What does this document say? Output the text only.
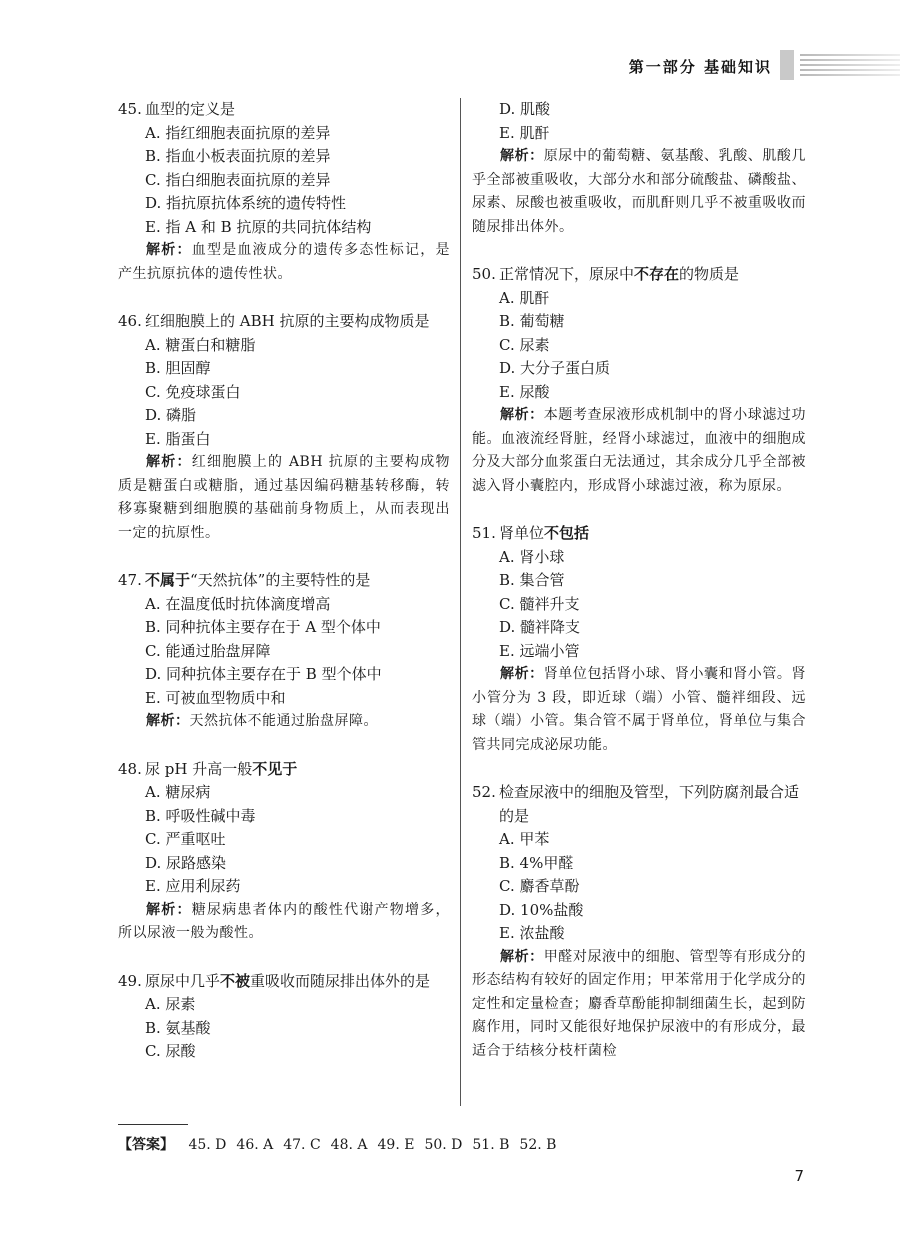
第一部分 基础知识
45. 血型的定义是
A. 指红细胞表面抗原的差异
B. 指血小板表面抗原的差异
C. 指白细胞表面抗原的差异
D. 指抗原抗体系统的遗传特性
E. 指 A 和 B 抗原的共同抗体结构
解析：血型是血液成分的遗传多态性标记，是产生抗原抗体的遗传性状。
46. 红细胞膜上的 ABH 抗原的主要构成物质是
A. 糖蛋白和糖脂
B. 胆固醇
C. 免疫球蛋白
D. 磷脂
E. 脂蛋白
解析：红细胞膜上的 ABH 抗原的主要构成物质是糖蛋白或糖脂，通过基因编码糖基转移酶，转移寡聚糖到细胞膜的基础前身物质上，从而表现出一定的抗原性。
47. 不属于“天然抗体”的主要特性的是
A. 在温度低时抗体滴度增高
B. 同种抗体主要存在于 A 型个体中
C. 能通过胎盘屏障
D. 同种抗体主要存在于 B 型个体中
E. 可被血型物质中和
解析：天然抗体不能通过胎盘屏障。
48. 尿 pH 升高一般不见于
A. 糖尿病
B. 呼吸性碱中毒
C. 严重呕吐
D. 尿路感染
E. 应用利尿药
解析：糖尿病患者体内的酸性代谢产物增多，所以尿液一般为酸性。
49. 原尿中几乎不被重吸收而随尿排出体外的是
A. 尿素
B. 氨基酸
C. 尿酸
D. 肌酸
E. 肌酐
解析：原尿中的葡萄糖、氨基酸、乳酸、肌酸几乎全部被重吸收，大部分水和部分硫酸盐、磷酸盐、尿素、尿酸也被重吸收，而肌酐则几乎不被重吸收而随尿排出体外。
50. 正常情况下，原尿中不存在的物质是
A. 肌酐
B. 葡萄糖
C. 尿素
D. 大分子蛋白质
E. 尿酸
解析：本题考查尿液形成机制中的肾小球滤过功能。血液流经肾脏，经肾小球滤过，血液中的细胞成分及大部分血浆蛋白无法通过，其余成分几乎全部被滤入肾小囊腔内，形成肾小球滤过液，称为原尿。
51. 肾单位不包括
A. 肾小球
B. 集合管
C. 髓袢升支
D. 髓袢降支
E. 远端小管
解析：肾单位包括肾小球、肾小囊和肾小管。肾小管分为 3 段，即近球（端）小管、髓袢细段、远球（端）小管。集合管不属于肾单位，肾单位与集合管共同完成泌尿功能。
52. 检查尿液中的细胞及管型，下列防腐剂最合适的是
A. 甲苯
B. 4%甲醛
C. 麝香草酚
D. 10%盐酸
E. 浓盐酸
解析：甲醛对尿液中的细胞、管型等有形成分的形态结构有较好的固定作用；甲苯常用于化学成分的定性和定量检查；麝香草酚能抑制细菌生长，起到防腐作用，同时又能很好地保护尿液中的有形成分，最适合于结核分枝杆菌检
【答案】 45. D 46. A 47. C 48. A 49. E 50. D 51. B 52. B
7
